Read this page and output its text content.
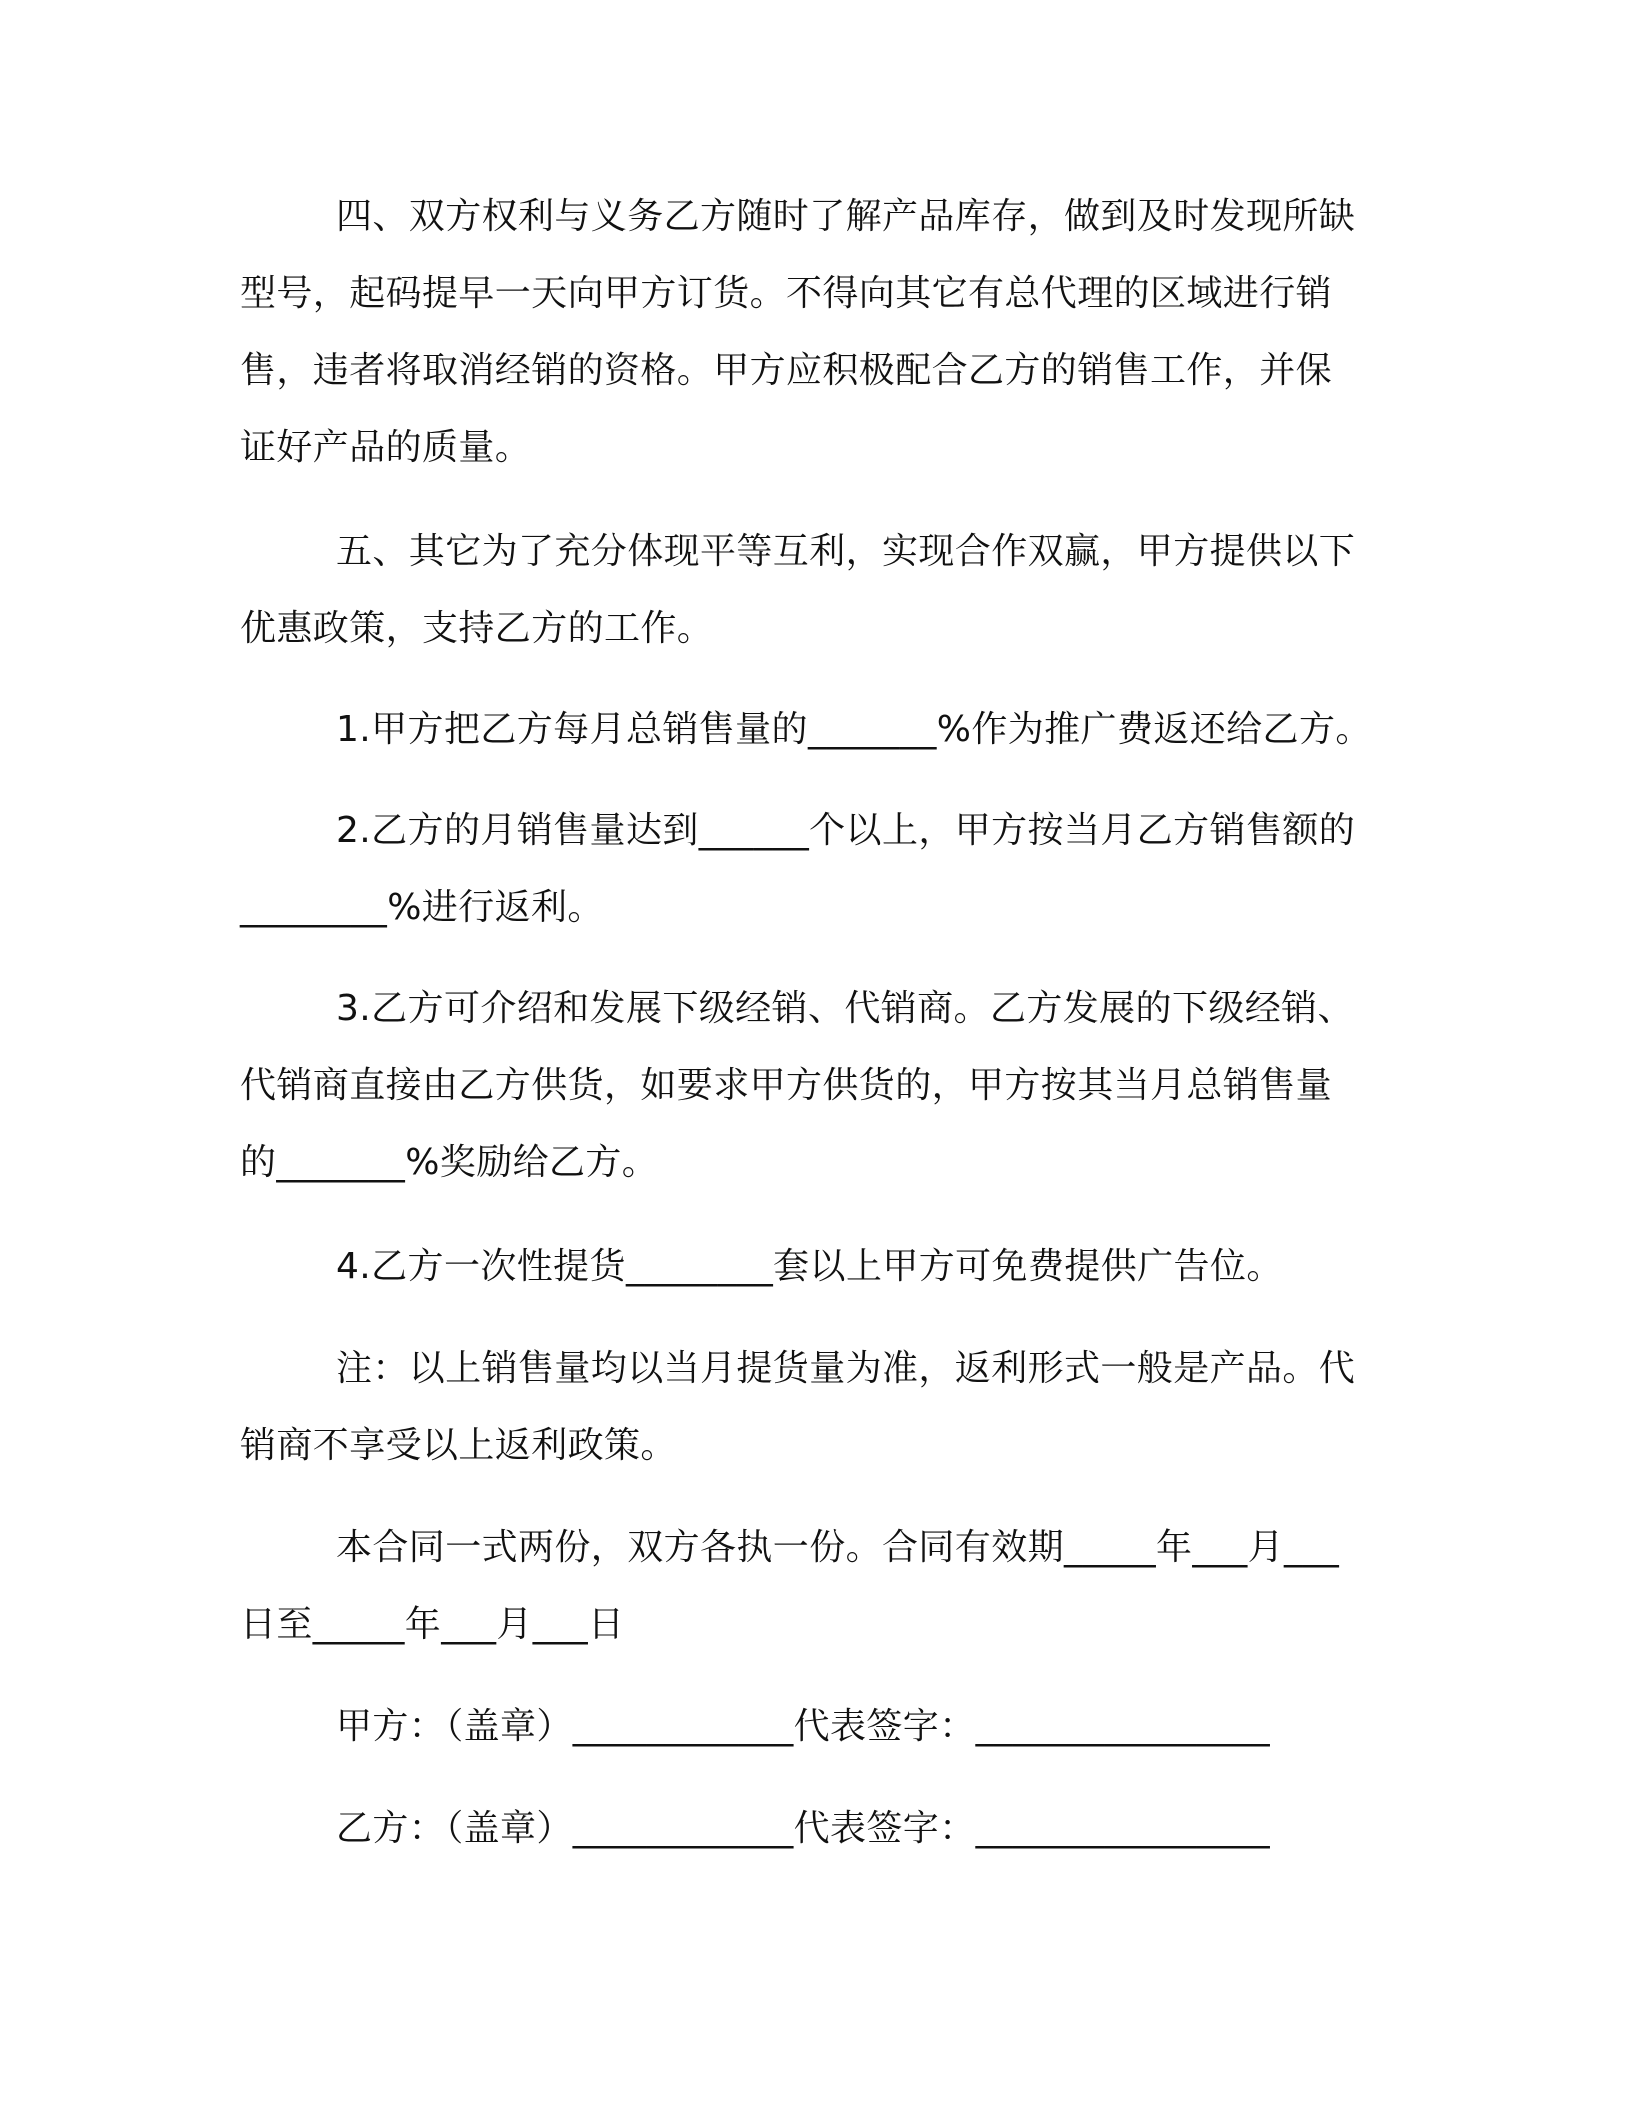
四、双方权利与义务乙方随时了解产品库存，做到及时发现所缺
型号，起码提早一天向甲方订货。不得向其它有总代理的区域进行销
售，违者将取消经销的资格。甲方应积极配合乙方的销售工作，并保
证好产品的质量。
五、其它为了充分体现平等互利，实现合作双赢，甲方提供以下
优惠政策，支持乙方的工作。
1.甲方把乙方每月总销售量的_______%作为推广费返还给乙方。
2.乙方的月销售量达到______个以上，甲方按当月乙方销售额的
________%进行返利。
3.乙方可介绍和发展下级经销、代销商。乙方发展的下级经销、
代销商直接由乙方供货，如要求甲方供货的，甲方按其当月总销售量
的_______%奖励给乙方。
4.乙方一次性提货________套以上甲方可免费提供广告位。
注：以上销售量均以当月提货量为准，返利形式一般是产品。代
销商不享受以上返利政策。
本合同一式两份，双方各执一份。合同有效期_____年___月___
日至_____年___月___日
甲方：（盖章）____________代表签字：________________
乙方：（盖章）____________代表签字：________________
